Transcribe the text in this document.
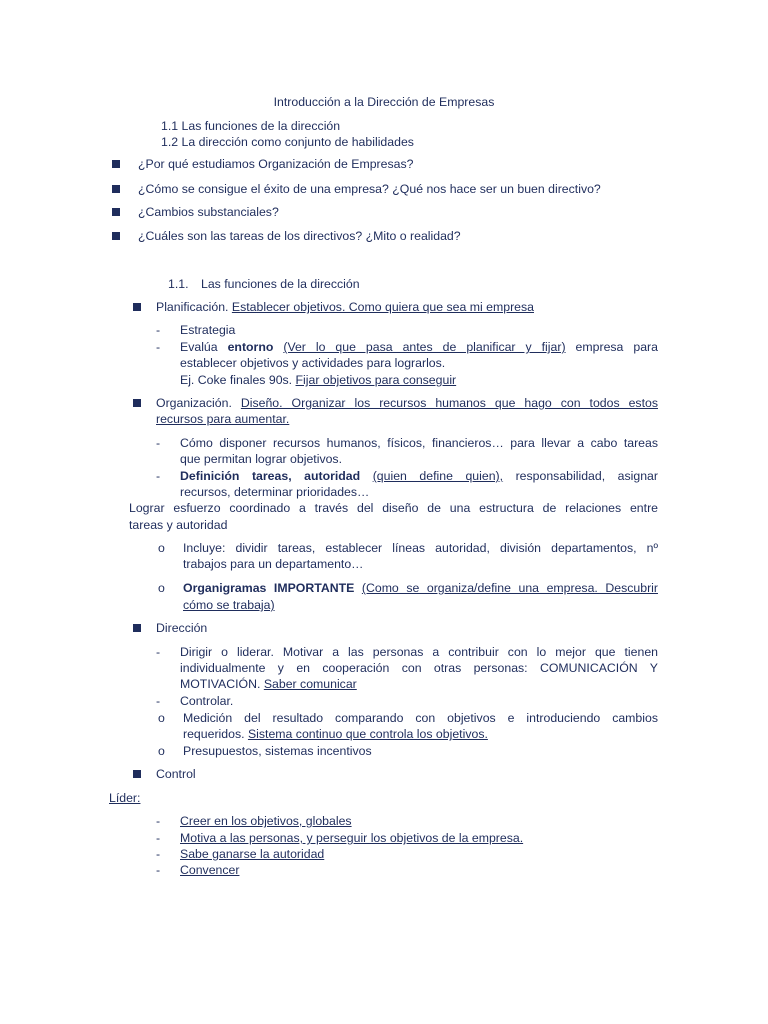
Introducción a la Dirección de Empresas
1.1 Las funciones de la dirección
1.2 La dirección como conjunto de habilidades
¿Por qué estudiamos Organización de Empresas?
¿Cómo se consigue el éxito de una empresa? ¿Qué nos hace ser un buen directivo?
¿Cambios substanciales?
¿Cuáles son las tareas de los directivos? ¿Mito o realidad?
1.1. Las funciones de la dirección
Planificación. Establecer objetivos. Como quiera que sea mi empresa
- Estrategia
- Evalúa entorno (Ver lo que pasa antes de planificar y fijar) empresa para
establecer objetivos y actividades para lograrlos.
Ej. Coke finales 90s. Fijar objetivos para conseguir
Organización. Diseño. Organizar los recursos humanos que hago con todos estos
recursos para aumentar.
- Cómo disponer recursos humanos, físicos, financieros… para llevar a cabo tareas
que permitan lograr objetivos.
- Definición tareas, autoridad (quien define quien), responsabilidad, asignar
recursos, determinar prioridades…
Lograr esfuerzo coordinado a través del diseño de una estructura de relaciones entre
tareas y autoridad
o Incluye: dividir tareas, establecer líneas autoridad, división departamentos, nº
trabajos para un departamento…
o Organigramas IMPORTANTE (Como se organiza/define una empresa. Descubrir
cómo se trabaja)
Dirección
- Dirigir o liderar. Motivar a las personas a contribuir con lo mejor que tienen
individualmente y en cooperación con otras personas: COMUNICACIÓN Y
MOTIVACIÓN. Saber comunicar
- Controlar.
o Medición del resultado comparando con objetivos e introduciendo cambios
requeridos. Sistema continuo que controla los objetivos.
o Presupuestos, sistemas incentivos
Control
Líder:
- Creer en los objetivos, globales
- Motiva a las personas, y perseguir los objetivos de la empresa.
- Sabe ganarse la autoridad
- Convencer
